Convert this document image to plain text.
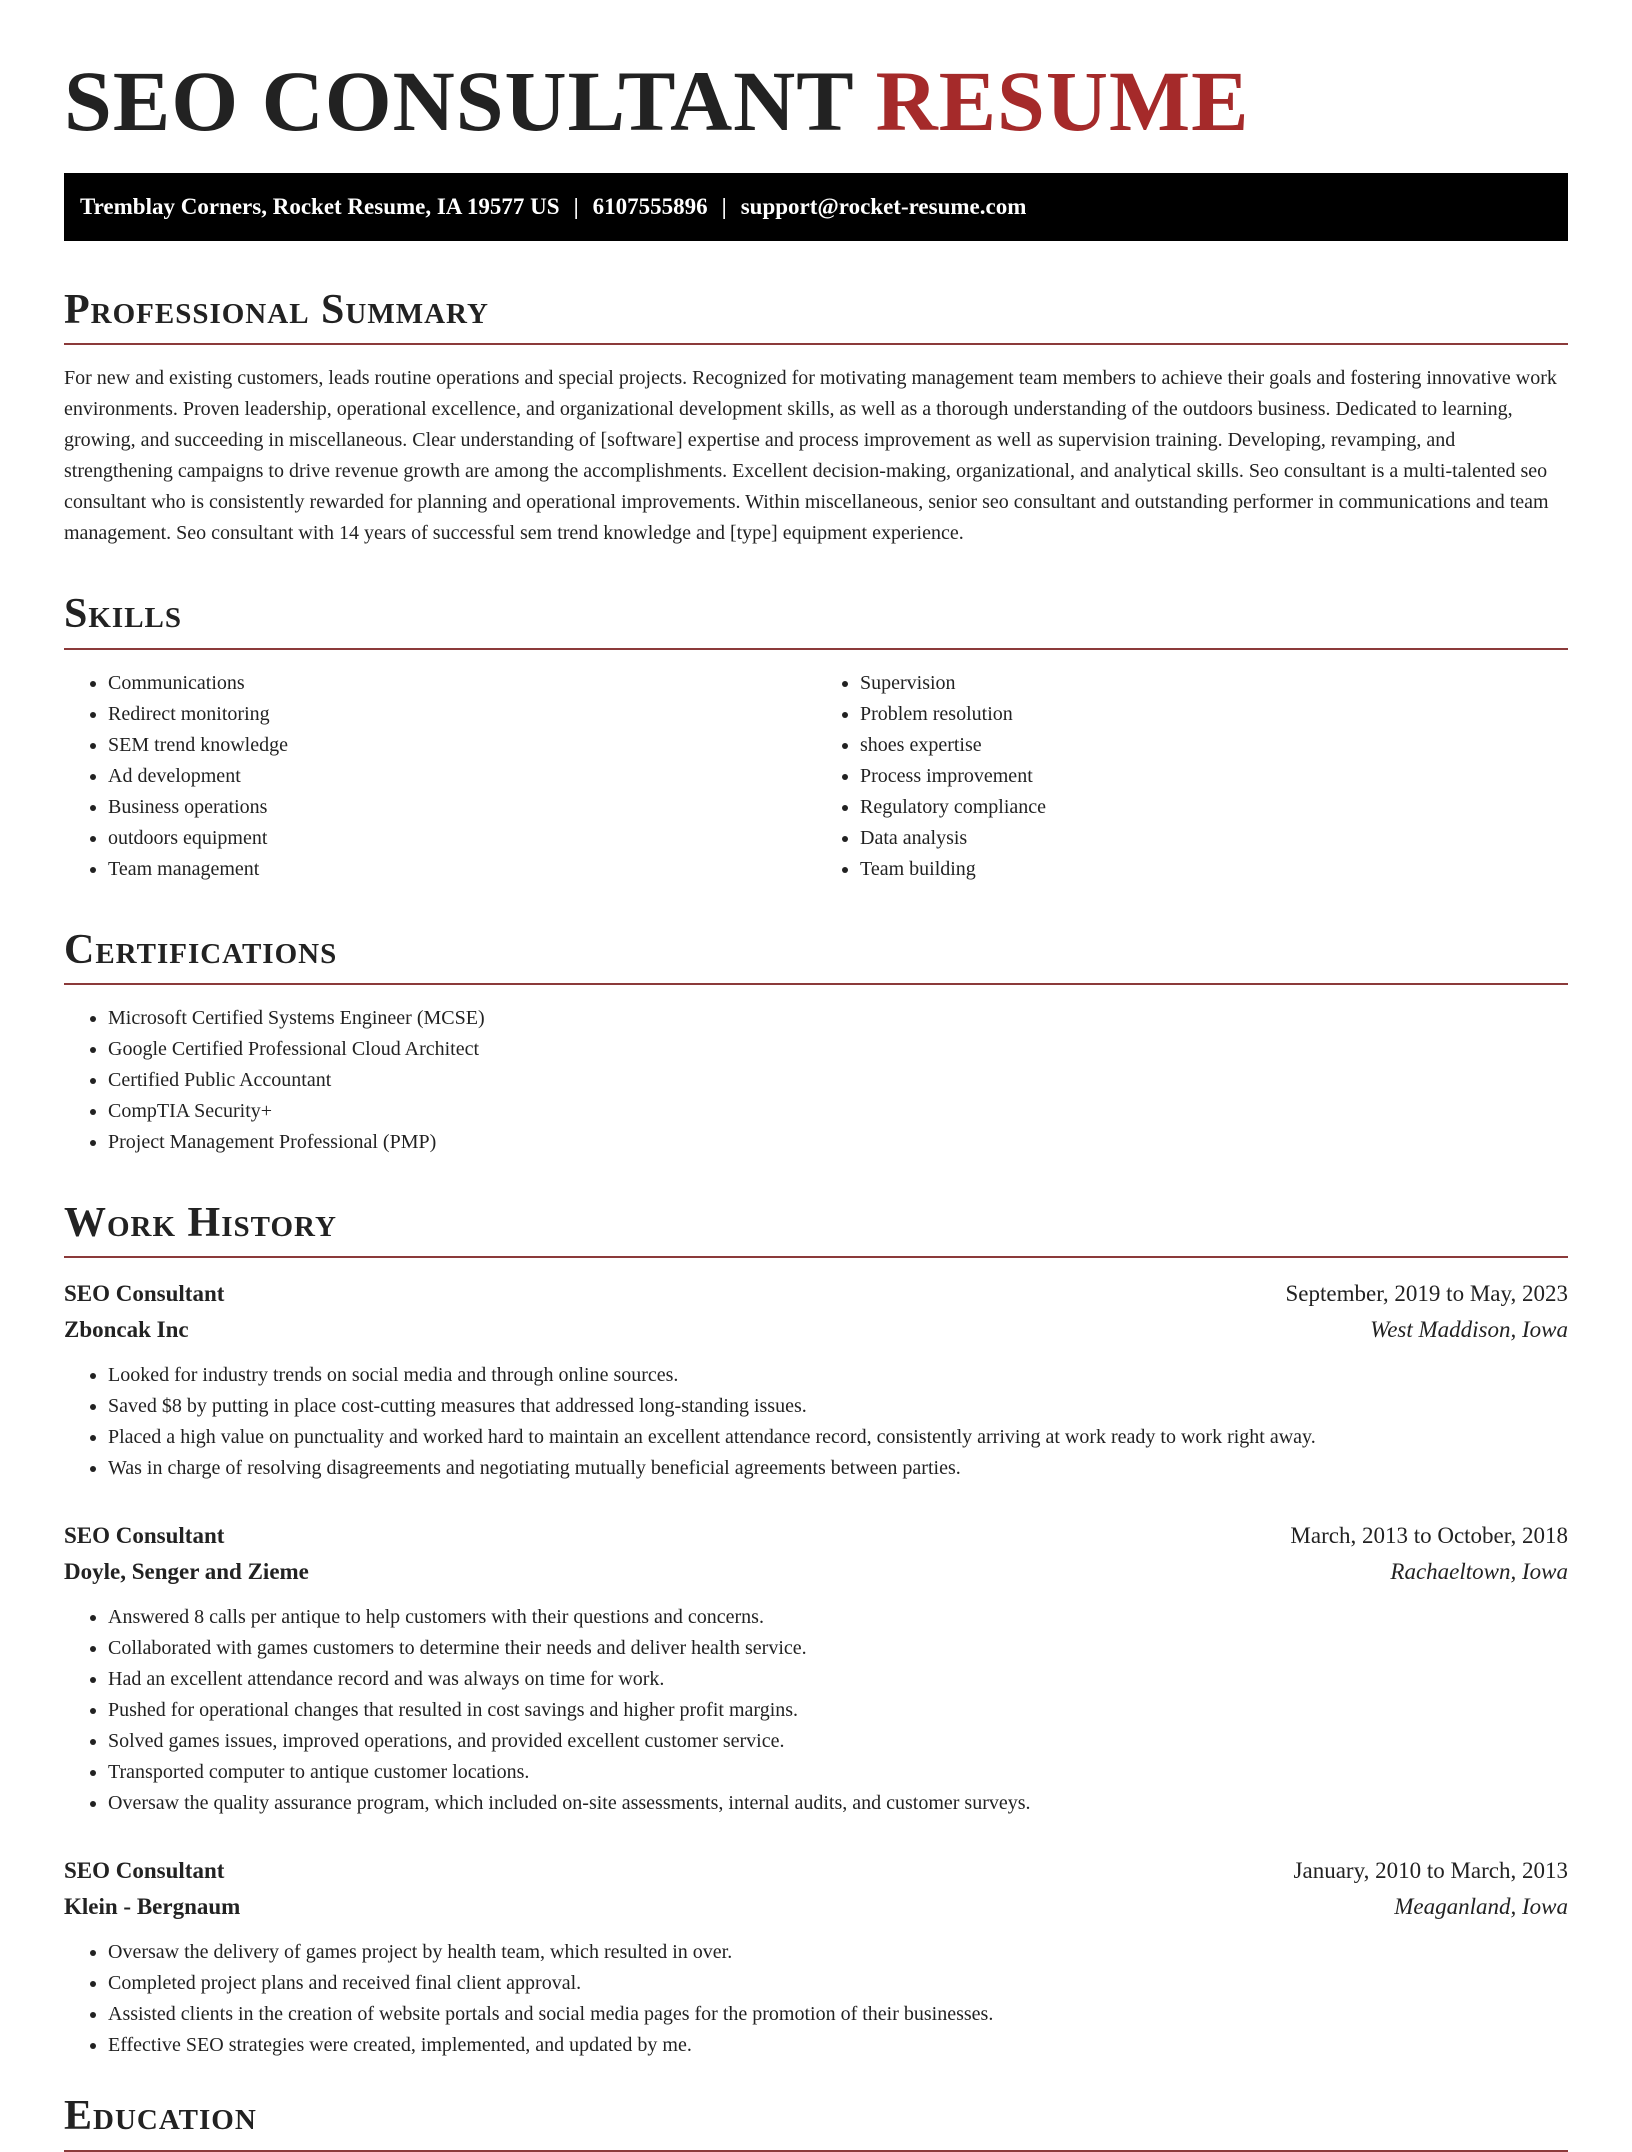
SEO CONSULTANT RESUME
Tremblay Corners, Rocket Resume, IA 19577 US | 6107555896 | support@rocket-resume.com
Professional Summary

For new and existing customers, leads routine operations and special projects. Recognized for motivating management team members to achieve their goals and fostering innovative work environments. Proven leadership, operational excellence, and organizational development skills, as well as a thorough understanding of the outdoors business. Dedicated to learning, growing, and succeeding in miscellaneous. Clear understanding of [software] expertise and process improvement as well as supervision training. Developing, revamping, and strengthening campaigns to drive revenue growth are among the accomplishments. Excellent decision-making, organizational, and analytical skills. Seo consultant is a multi-talented seo consultant who is consistently rewarded for planning and operational improvements. Within miscellaneous, senior seo consultant and outstanding performer in communications and team management. Seo consultant with 14 years of successful sem trend knowledge and [type] equipment experience.

Skills
• Communications
• Redirect monitoring
• SEM trend knowledge
• Ad development
• Business operations
• outdoors equipment
• Team management
• Supervision
• Problem resolution
• shoes expertise
• Process improvement
• Regulatory compliance
• Data analysis
• Team building
Certifications
• Microsoft Certified Systems Engineer (MCSE)
• Google Certified Professional Cloud Architect
• Certified Public Accountant
• CompTIA Security+
• Project Management Professional (PMP)
Work History
SEO Consultant	September, 2019 to May, 2023
Zboncak Inc	West Maddison, Iowa
• Looked for industry trends on social media and through online sources.
• Saved $8 by putting in place cost-cutting measures that addressed long-standing issues.
• Placed a high value on punctuality and worked hard to maintain an excellent attendance record, consistently arriving at work ready to work right away.
• Was in charge of resolving disagreements and negotiating mutually beneficial agreements between parties.
SEO Consultant	March, 2013 to October, 2018
Doyle, Senger and Zieme	Rachaeltown, Iowa
• Answered 8 calls per antique to help customers with their questions and concerns.
• Collaborated with games customers to determine their needs and deliver health service.
• Had an excellent attendance record and was always on time for work.
• Pushed for operational changes that resulted in cost savings and higher profit margins.
• Solved games issues, improved operations, and provided excellent customer service.
• Transported computer to antique customer locations.
• Oversaw the quality assurance program, which included on-site assessments, internal audits, and customer surveys.
SEO Consultant	January, 2010 to March, 2013
Klein - Bergnaum	Meaganland, Iowa
• Oversaw the delivery of games project by health team, which resulted in over.
• Completed project plans and received final client approval.
• Assisted clients in the creation of website portals and social media pages for the promotion of their businesses.
• Effective SEO strategies were created, implemented, and updated by me.
Education
